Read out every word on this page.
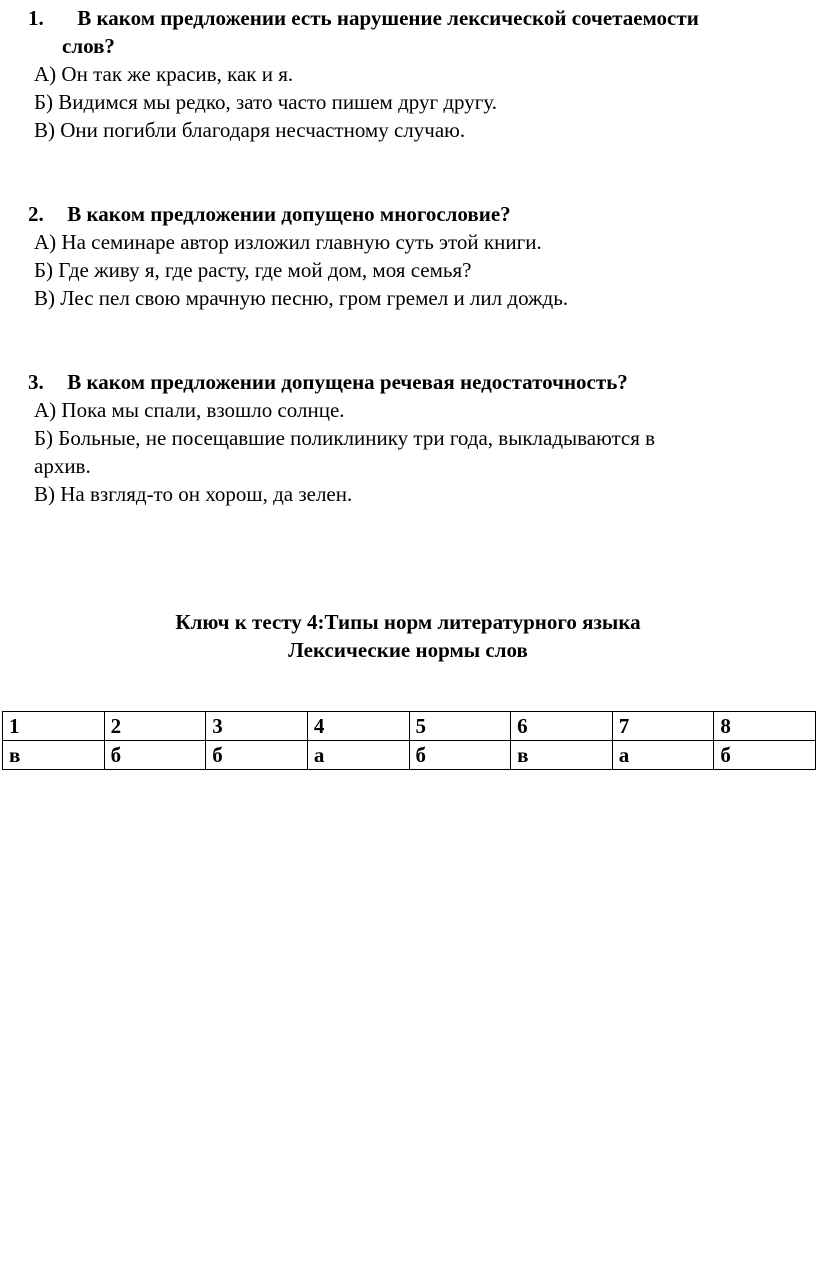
1. В каком предложении есть нарушение лексической сочетаемости
слов?
А) Он так же красив, как и я.
Б) Видимся мы редко, зато часто пишем друг другу.
В) Они погибли благодаря несчастному случаю.
2. В каком предложении допущено многословие?
А) На семинаре автор изложил главную суть этой книги.
Б) Где живу я, где расту, где мой дом, моя семья?
В) Лес пел свою мрачную песню, гром гремел и лил дождь.
3. В каком предложении допущена речевая недостаточность?
А) Пока мы спали, взошло солнце.
Б) Больные, не посещавшие поликлинику три года, выкладываются в
архив.
В) На взгляд-то он хорош, да зелен.
Ключ к тесту 4:Типы норм литературного языка
Лексические нормы слов
1	2	3	4	5	6	7	8
в	б	б	а	б	в	а	б
